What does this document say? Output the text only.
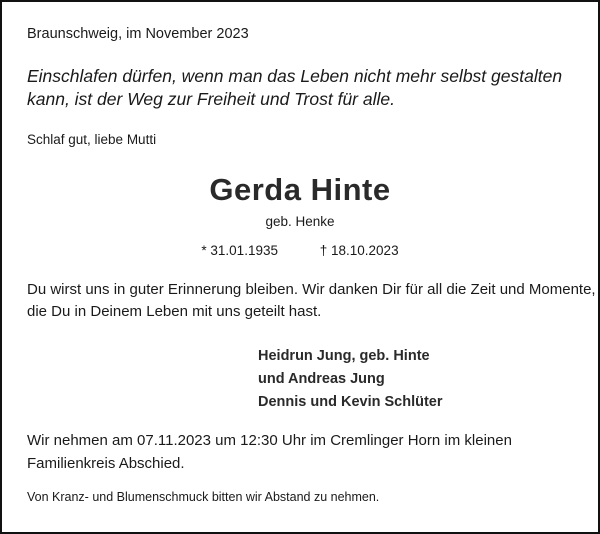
Braunschweig, im November 2023
Einschlafen dürfen, wenn man das Leben nicht mehr selbst gestalten
kann, ist der Weg zur Freiheit und Trost für alle.
Schlaf gut, liebe Mutti
Gerda Hinte
geb. Henke
* 31.01.1935	† 18.10.2023
Du wirst uns in guter Erinnerung bleiben. Wir danken Dir für all die Zeit und Momente,
die Du in Deinem Leben mit uns geteilt hast.
Heidrun Jung, geb. Hinte
und Andreas Jung
Dennis und Kevin Schlüter
Wir nehmen am 07.11.2023 um 12:30 Uhr im Cremlinger Horn im kleinen
Familienkreis Abschied.
Von Kranz- und Blumenschmuck bitten wir Abstand zu nehmen.
